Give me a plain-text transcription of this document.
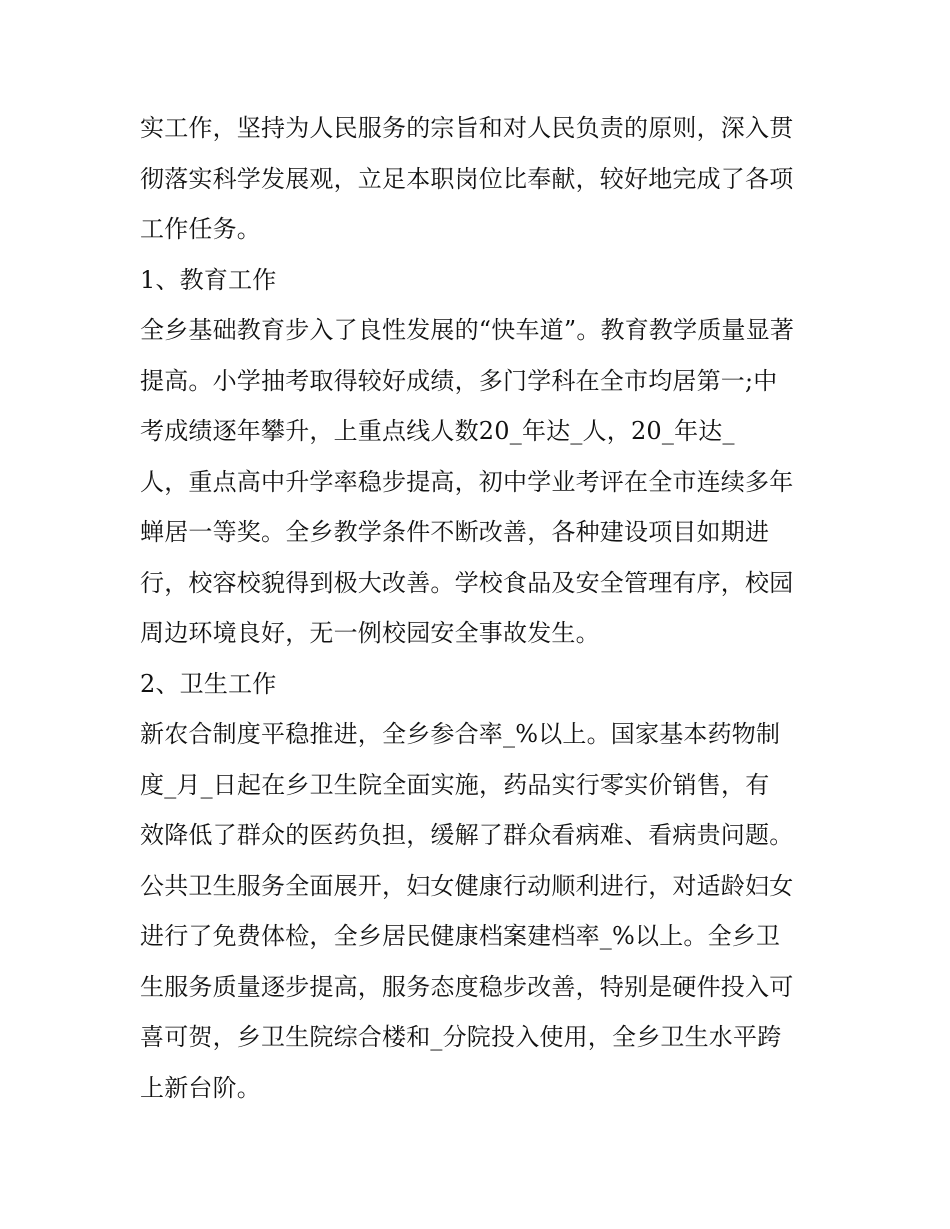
实工作，坚持为人民服务的宗旨和对人民负责的原则，深入贯
彻落实科学发展观，立足本职岗位比奉献，较好地完成了各项
工作任务。
1、教育工作
全乡基础教育步入了良性发展的“快车道”。教育教学质量显著
提高。小学抽考取得较好成绩，多门学科在全市均居第一;中
考成绩逐年攀升，上重点线人数20_年达_人，20_年达_
人，重点高中升学率稳步提高，初中学业考评在全市连续多年
蝉居一等奖。全乡教学条件不断改善，各种建设项目如期进
行，校容校貌得到极大改善。学校食品及安全管理有序，校园
周边环境良好，无一例校园安全事故发生。
2、卫生工作
新农合制度平稳推进，全乡参合率_%以上。国家基本药物制
度_月_日起在乡卫生院全面实施，药品实行零实价销售，有
效降低了群众的医药负担，缓解了群众看病难、看病贵问题。
公共卫生服务全面展开，妇女健康行动顺利进行，对适龄妇女
进行了免费体检，全乡居民健康档案建档率_%以上。全乡卫
生服务质量逐步提高，服务态度稳步改善，特别是硬件投入可
喜可贺，乡卫生院综合楼和_分院投入使用，全乡卫生水平跨
上新台阶。
